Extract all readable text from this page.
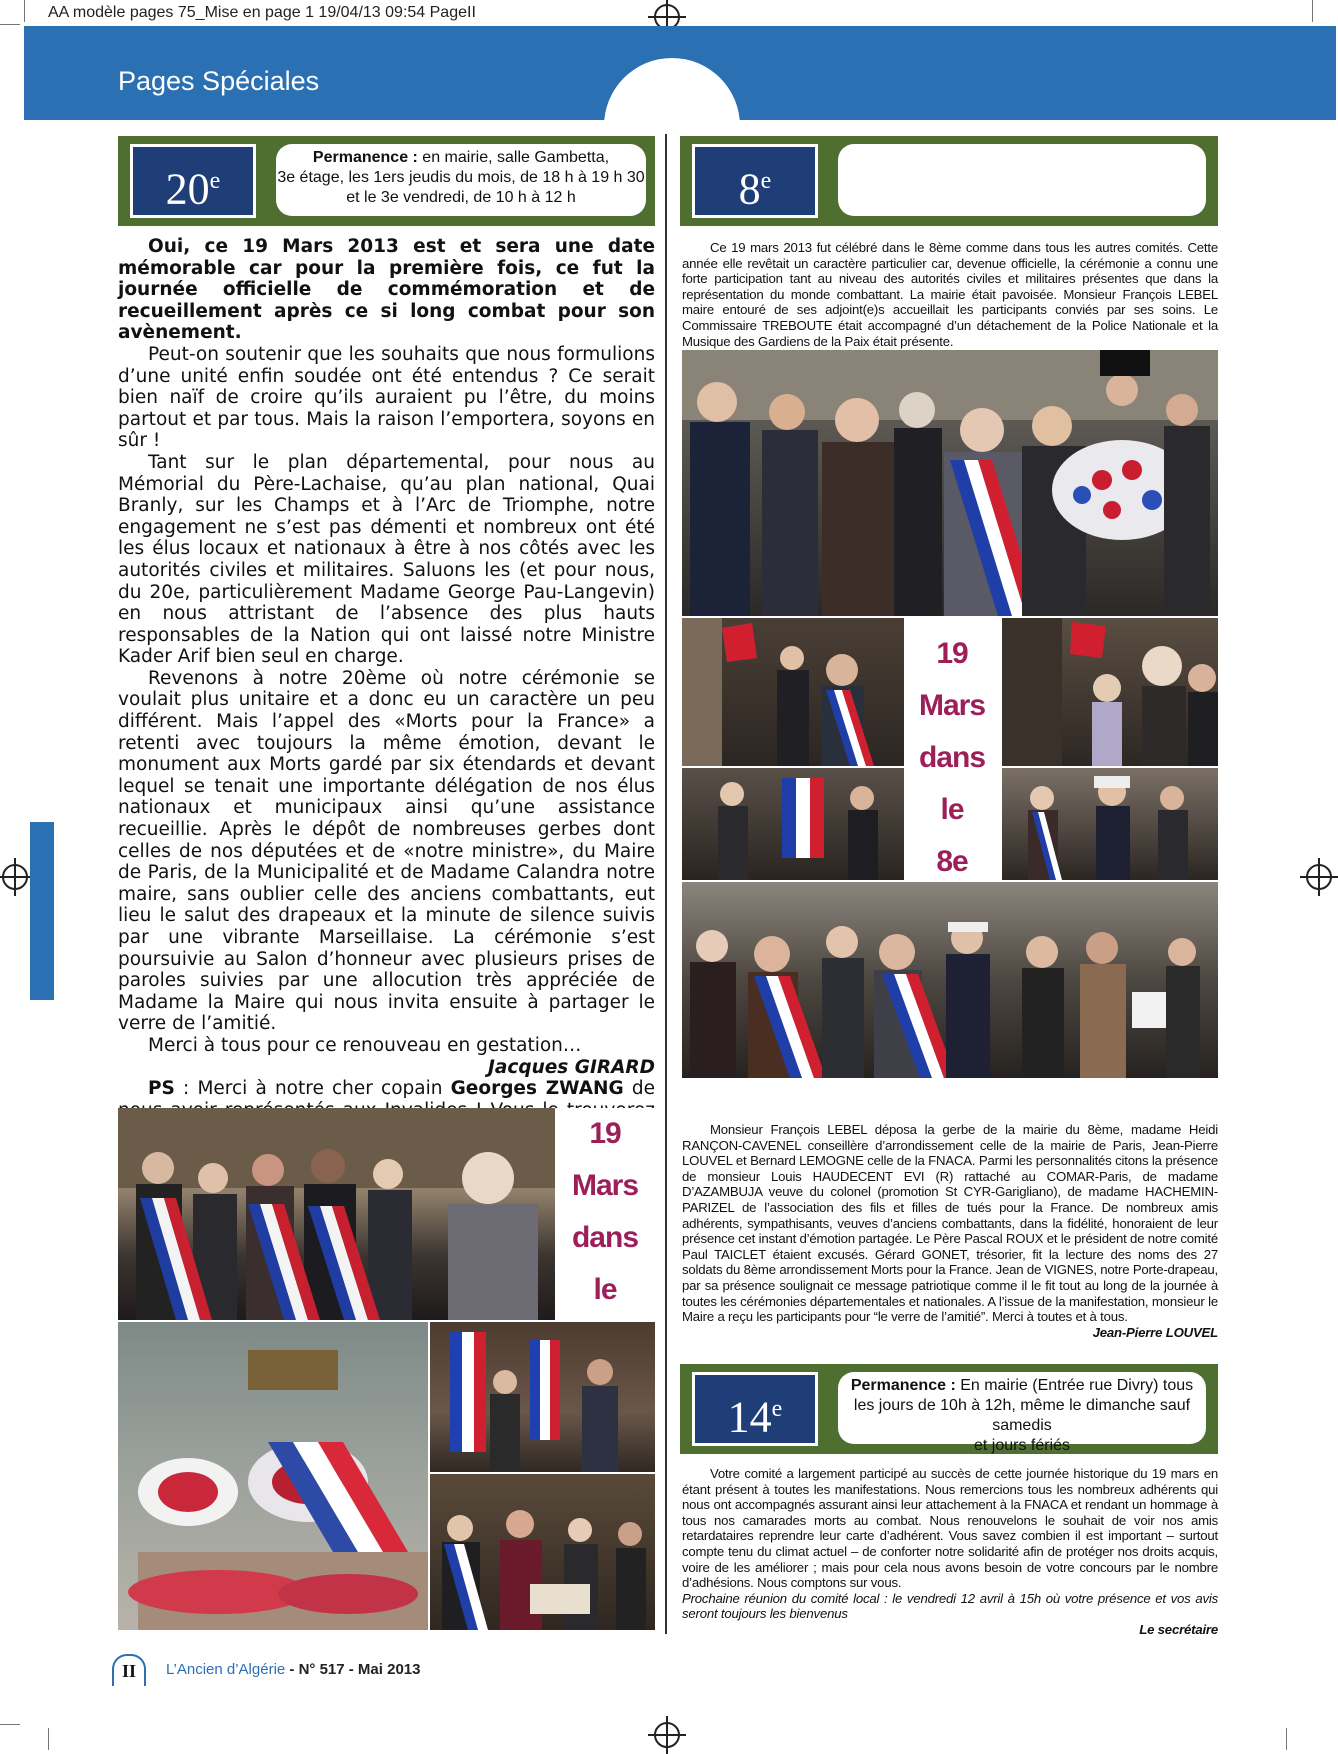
AA modèle pages 75_Mise en page 1 19/04/13 09:54 PageII
Pages Spéciales
20e
Permanence : en mairie, salle Gambetta,
3e étage, les 1ers jeudis du mois, de 18 h à 19 h 30
et le 3e vendredi, de 10 h à 12 h

Oui, ce 19 Mars 2013 est et sera une date mémorable car pour la première fois, ce fut la journée officielle de commémoration et de recueillement après ce si long combat pour son avènement.

Peut-on soutenir que les souhaits que nous formulions d’une unité enfin soudée ont été entendus ? Ce serait bien naïf de croire qu’ils auraient pu l’être, du moins partout et par tous. Mais la raison l’emportera, soyons en sûr !

Tant sur le plan départemental, pour nous au Mémorial du Père-Lachaise, qu’au plan national, Quai Branly, sur les Champs et à l’Arc de Triomphe, notre engagement ne s’est pas démenti et nombreux ont été les élus locaux et nationaux à être à nos côtés avec les autorités civiles et militaires. Saluons les (et pour nous, du 20e, particulièrement Madame George Pau-Langevin) en nous attristant de l’absence des plus hauts responsables de la Nation qui ont laissé notre Ministre Kader Arif bien seul en charge.

Revenons à notre 20ème où notre cérémonie se voulait plus unitaire et a donc eu un caractère un peu différent. Mais l’appel des «Morts pour la France» a retenti avec toujours la même émotion, devant le monument aux Morts gardé par six étendards et devant lequel se tenait une importante délégation de nos élus nationaux et municipaux ainsi qu’une assistance recueillie. Après le dépôt de nombreuses gerbes dont celles de nos députées et de «notre ministre», du Maire de Paris, de la Municipalité et de Madame Calandra notre maire, sans oublier celle des anciens combattants, eut lieu le salut des drapeaux et la minute de silence suivis par une vibrante Marseillaise. La cérémonie s’est poursuivie au Salon d’honneur avec plusieurs prises de paroles suivies par une allocution très appréciée de Madame la Maire qui nous invita ensuite à partager le verre de l’amitié.

Merci à tous pour ce renouveau en gestation…

Jacques GIRARD

PS : Merci à notre cher copain Georges ZWANG de

19 Mars
dans
le
8e

Ce 19 mars 2013 fut célébré dans le 8ème comme dans tous les autres comités. Cette année elle revêtait un caractère particulier car, devenue officielle, la cérémonie a connu une forte participation tant au niveau des autorités civiles et militaires présentes que dans la représentation du monde combattant. La mairie était pavoisée. Monsieur François LEBEL maire entouré de ses adjoint(e)s accueillait les participants conviés par ses soins. Le Commissaire TREBOUTE était accompagné d’un détachement de la Police Nationale et la Musique des Gardiens de la Paix était présente.

19 Mars
dans
le
8e

Monsieur François LEBEL déposa la gerbe de la mairie du 8ème, madame Heidi RANÇON-CAVENEL conseillère d’arrondissement celle de la mairie de Paris, Jean-Pierre LOUVEL et Bernard LEMOGNE celle de la FNACA. Parmi les personnalités citons la présence de monsieur Louis HAUDECENT EVI (R) rattaché au COMAR-Paris, de madame D’AZAMBUJA veuve du colonel (promotion St CYR-Garigliano), de madame HACHEMIN-PARIZEL de l’association des fils et filles de tués pour la France. De nombreux amis adhérents, sympathisants, veuves d’anciens combattants, dans la fidélité, honoraient de leur présence cet instant d’émotion partagée. Le Père Pascal ROUX et le président de notre comité Paul TAICLET étaient excusés. Gérard GONET, trésorier, fit la lecture des noms des 27 soldats du 8ème arrondissement Morts pour la France. Jean de VIGNES, notre Porte-drapeau, par sa présence soulignait ce message patriotique comme il le fit tout au long de la journée à toutes les cérémonies départementales et nationales. A l’issue de la manifestation, monsieur le Maire a reçu les participants pour “le verre de l’amitié”. Merci à toutes et à tous.

Jean-Pierre LOUVEL

14e
Permanence : En mairie (Entrée rue Divry) tous
les jours de 10h à 12h, même le dimanche sauf samedis
et jours fériés

Votre comité a largement participé au succès de cette journée historique du 19 mars en étant présent à toutes les manifestations. Nous remercions tous les nombreux adhérents qui nous ont accompagnés assurant ainsi leur attachement à la FNACA et rendant un hommage à tous nos camarades morts au combat. Nous renouvelons le souhait de voir nos amis retardataires reprendre leur carte d’adhérent. Vous savez combien il est important – surtout compte tenu du climat actuel – de conforter notre solidarité afin de protéger nos droits acquis, voire de les améliorer ; mais pour cela nous avons besoin de votre concours par le nombre d’adhésions. Nous comptons sur vous.

Prochaine réunion du comité local : le vendredi 12 avril à 15h où votre présence et vos avis seront toujours les bienvenus

Le secrétaire

II	L’Ancien d’Algérie - N° 517 - Mai 2013
